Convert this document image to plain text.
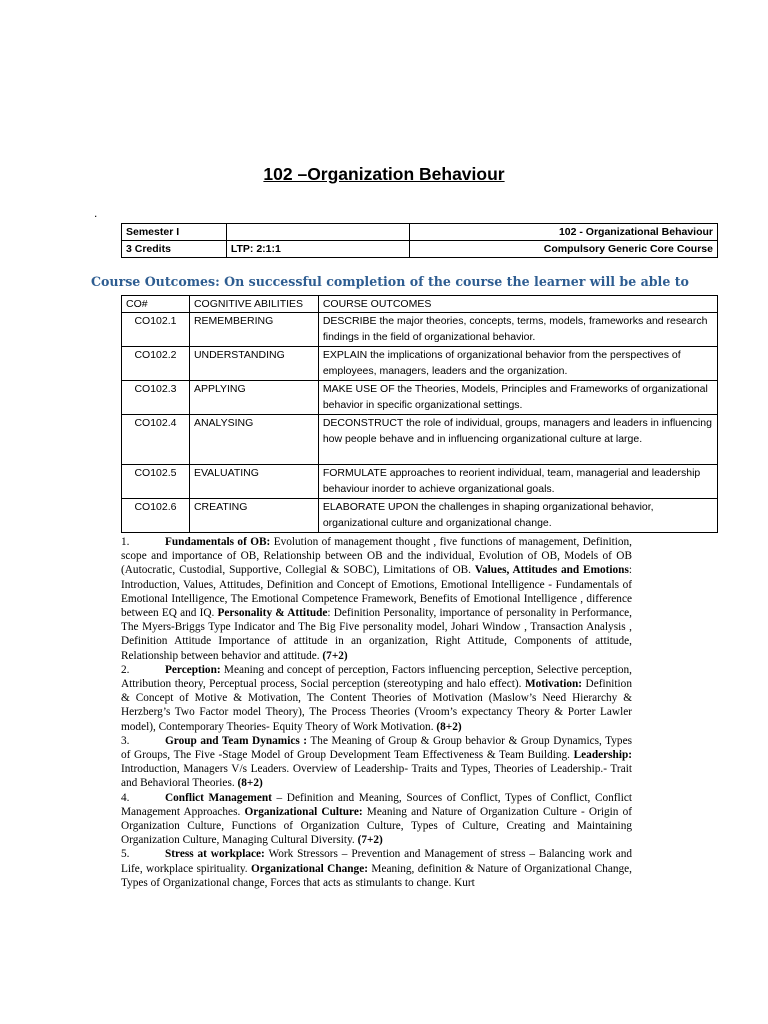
102 –Organization Behaviour
.
Semester I		102 - Organizational Behaviour
3 Credits	LTP: 2:1:1	Compulsory Generic Core Course
Course Outcomes: On successful completion of the course the learner will be able to
CO#	COGNITIVE ABILITIES	COURSE OUTCOMES
CO102.1	REMEMBERING	DESCRIBE the major theories, concepts, terms, models, frameworks and research findings in the field of organizational behavior.
CO102.2	UNDERSTANDING	EXPLAIN the implications of organizational behavior from the perspectives of employees, managers, leaders and the organization.
CO102.3	APPLYING	MAKE USE OF the Theories, Models, Principles and Frameworks of organizational behavior in specific organizational settings.
CO102.4	ANALYSING	DECONSTRUCT the role of individual, groups, managers and leaders in influencing how people behave and in influencing organizational culture at large.
CO102.5	EVALUATING	FORMULATE approaches to reorient individual, team, managerial and leadership behaviour inorder to achieve organizational goals.
CO102.6	CREATING	ELABORATE UPON the challenges in shaping organizational behavior, organizational culture and organizational change.

1.	Fundamentals of OB: Evolution of management thought , five functions of management, Definition, scope and importance of OB, Relationship between OB and the individual, Evolution of OB, Models of OB (Autocratic, Custodial, Supportive, Collegial & SOBC), Limitations of OB. Values, Attitudes and Emotions: Introduction, Values, Attitudes, Definition and Concept of Emotions, Emotional Intelligence - Fundamentals of Emotional Intelligence, The Emotional Competence Framework, Benefits of Emotional Intelligence , difference between EQ and IQ. Personality & Attitude: Definition Personality, importance of personality in Performance, The Myers-Briggs Type Indicator and The Big Five personality model, Johari Window , Transaction Analysis , Definition Attitude Importance of attitude in an organization, Right Attitude, Components of attitude, Relationship between behavior and attitude. (7+2)

2.	Perception: Meaning and concept of perception, Factors influencing perception, Selective perception, Attribution theory, Perceptual process, Social perception (stereotyping and halo effect). Motivation: Definition & Concept of Motive & Motivation, The Content Theories of Motivation (Maslow’s Need Hierarchy & Herzberg’s Two Factor model Theory), The Process Theories (Vroom’s expectancy Theory & Porter Lawler model), Contemporary Theories- Equity Theory of Work Motivation. (8+2)

3.	Group and Team Dynamics : The Meaning of Group & Group behavior & Group Dynamics, Types of Groups, The Five -Stage Model of Group Development Team Effectiveness & Team Building. Leadership: Introduction, Managers V/s Leaders. Overview of Leadership- Traits and Types, Theories of Leadership.- Trait and Behavioral Theories. (8+2)

4.	Conflict Management – Definition and Meaning, Sources of Conflict, Types of Conflict, Conflict Management Approaches. Organizational Culture: Meaning and Nature of Organization Culture - Origin of Organization Culture, Functions of Organization Culture, Types of Culture, Creating and Maintaining Organization Culture, Managing Cultural Diversity. (7+2)

5.	Stress at workplace: Work Stressors – Prevention and Management of stress – Balancing work and Life, workplace spirituality. Organizational Change: Meaning, definition & Nature of Organizational Change, Types of Organizational change, Forces that acts as stimulants to change. Kurt
